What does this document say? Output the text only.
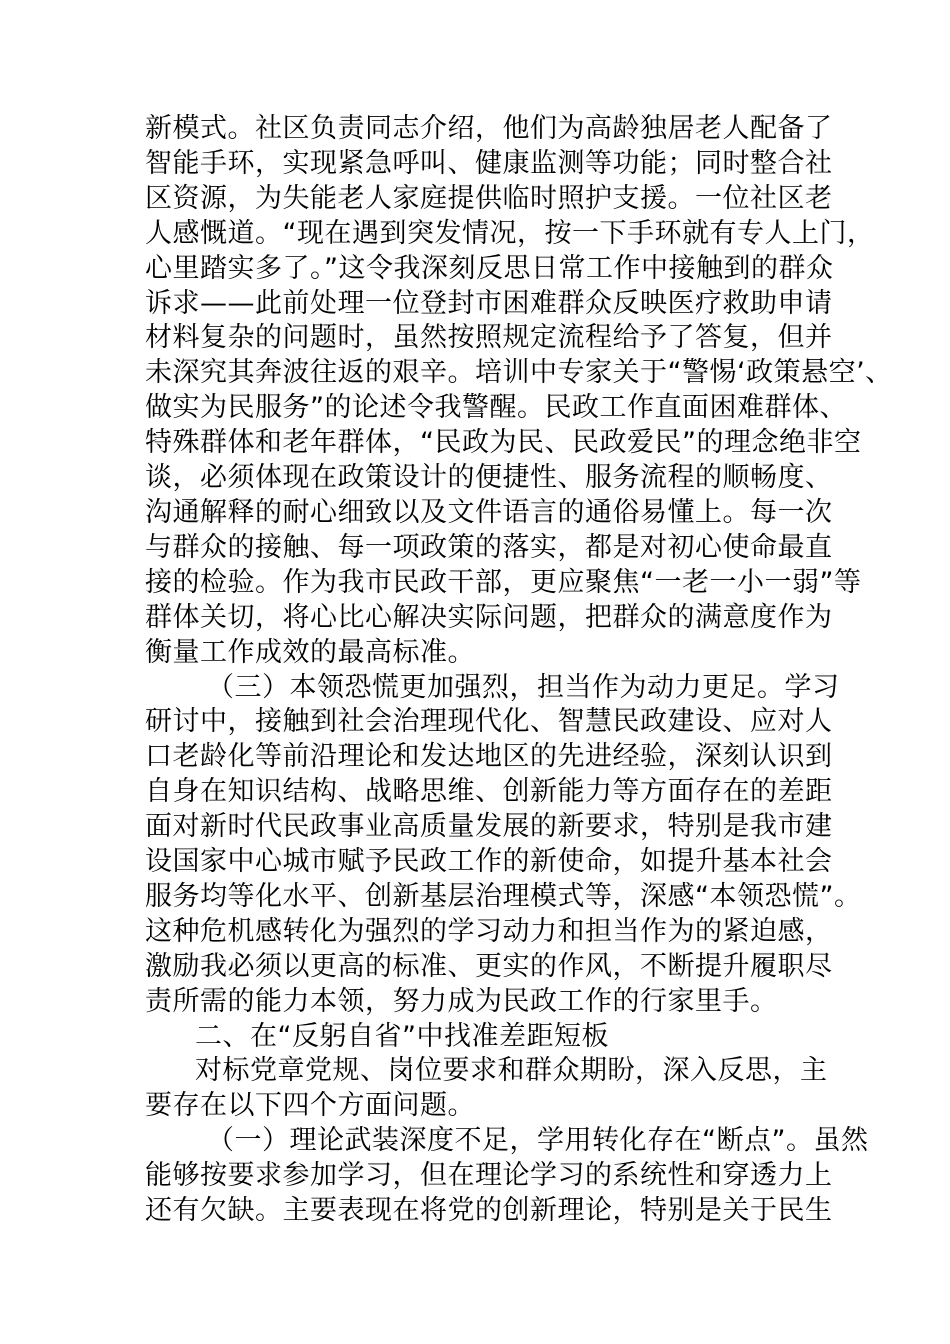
新模式。社区负责同志介绍，他们为高龄独居老人配备了
智能手环，实现紧急呼叫、健康监测等功能；同时整合社
区资源，为失能老人家庭提供临时照护支援。一位社区老
人感慨道。“现在遇到突发情况，按一下手环就有专人上门，
心里踏实多了。”这令我深刻反思日常工作中接触到的群众
诉求——此前处理一位登封市困难群众反映医疗救助申请
材料复杂的问题时，虽然按照规定流程给予了答复，但并
未深究其奔波往返的艰辛。培训中专家关于“警惕‘政策悬空’、
做实为民服务”的论述令我警醒。民政工作直面困难群体、
特殊群体和老年群体，“民政为民、民政爱民”的理念绝非空
谈，必须体现在政策设计的便捷性、服务流程的顺畅度、
沟通解释的耐心细致以及文件语言的通俗易懂上。每一次
与群众的接触、每一项政策的落实，都是对初心使命最直
接的检验。作为我市民政干部，更应聚焦“一老一小一弱”等
群体关切，将心比心解决实际问题，把群众的满意度作为
衡量工作成效的最高标准。
（三）本领恐慌更加强烈，担当作为动力更足。学习
研讨中，接触到社会治理现代化、智慧民政建设、应对人
口老龄化等前沿理论和发达地区的先进经验，深刻认识到
自身在知识结构、战略思维、创新能力等方面存在的差距
面对新时代民政事业高质量发展的新要求，特别是我市建
设国家中心城市赋予民政工作的新使命，如提升基本社会
服务均等化水平、创新基层治理模式等，深感“本领恐慌”。
这种危机感转化为强烈的学习动力和担当作为的紧迫感，
激励我必须以更高的标准、更实的作风，不断提升履职尽
责所需的能力本领，努力成为民政工作的行家里手。
二、在“反躬自省”中找准差距短板
对标党章党规、岗位要求和群众期盼，深入反思，主
要存在以下四个方面问题。
（一）理论武装深度不足，学用转化存在“断点”。虽然
能够按要求参加学习，但在理论学习的系统性和穿透力上
还有欠缺。主要表现在将党的创新理论，特别是关于民生
